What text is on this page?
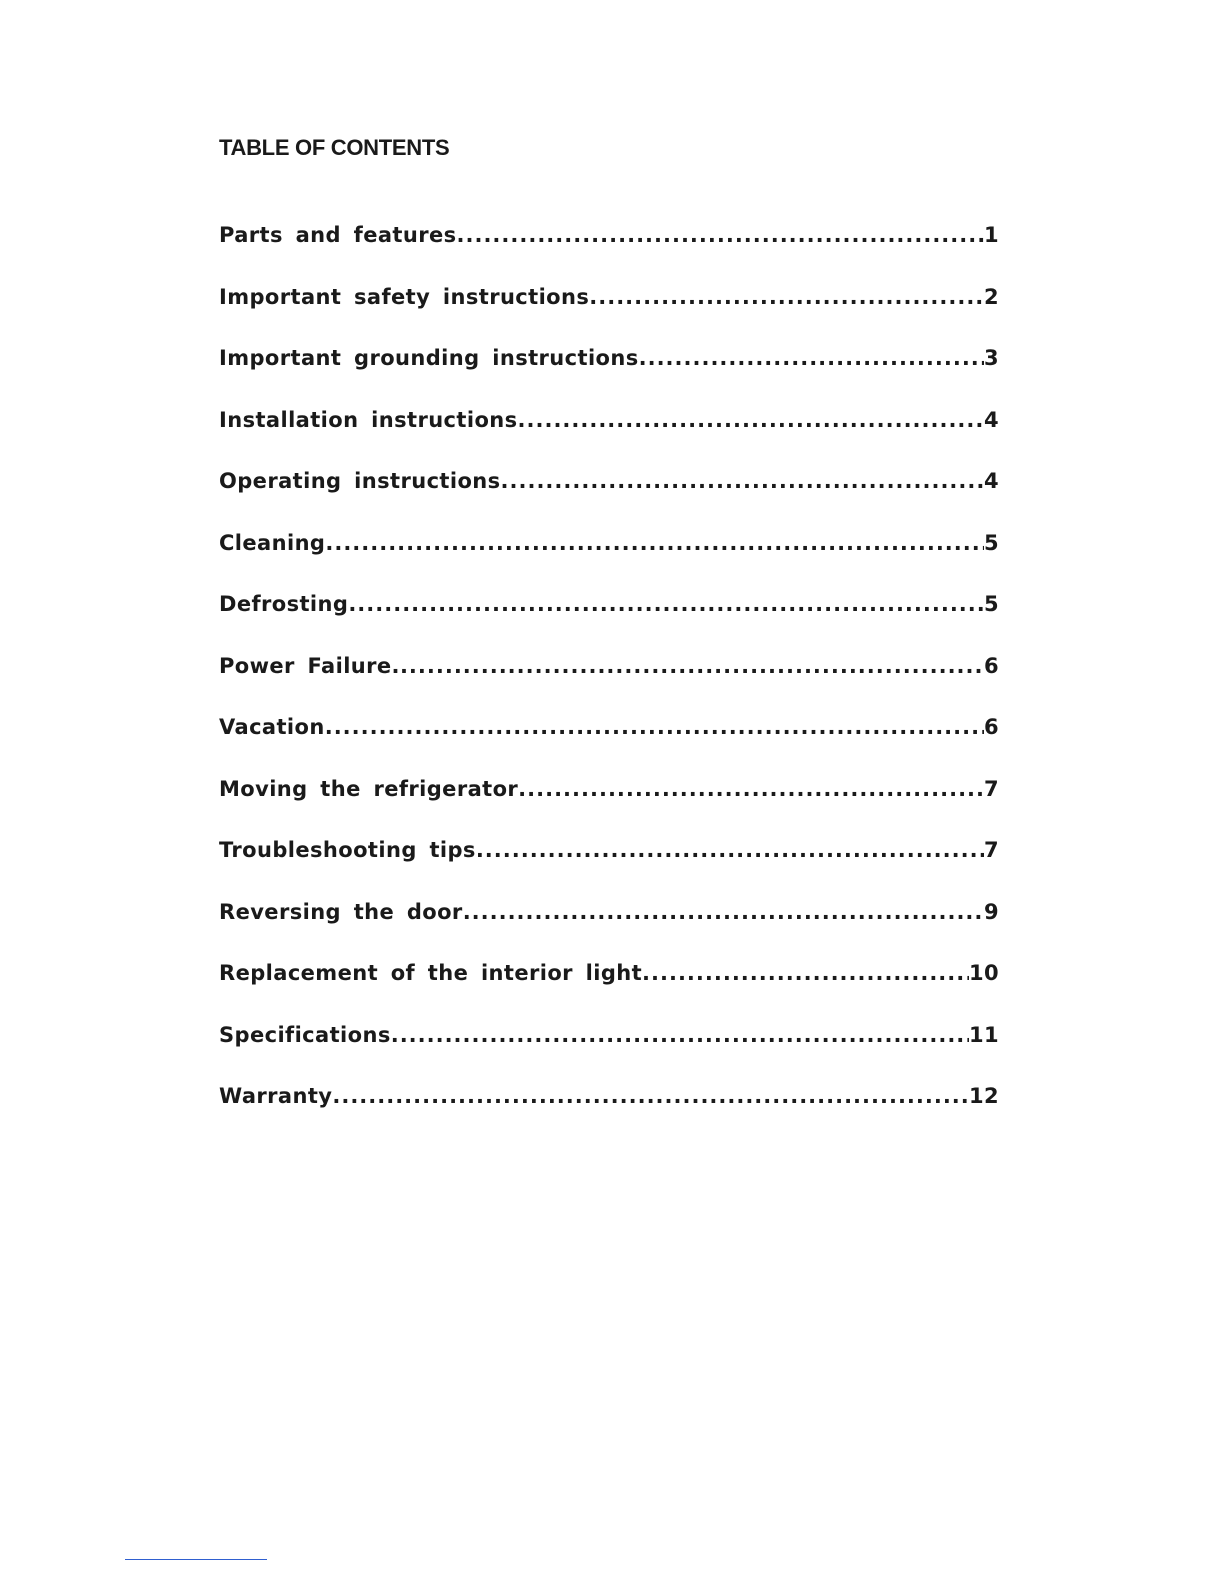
TABLE OF CONTENTS
Parts and features .....	1
Important safety instructions .....	2
Important grounding instructions .....	3
Installation instructions .....	4
Operating instructions .....	4
Cleaning .....	5
Defrosting .....	5
Power Failure. .....	6
Vacation .....	6
Moving the refrigerator .....	7
Troubleshooting tips .....	7
Reversing the door .....	9
Replacement of the interior light .....	10
Specifications .....	11
Warranty .....	12
